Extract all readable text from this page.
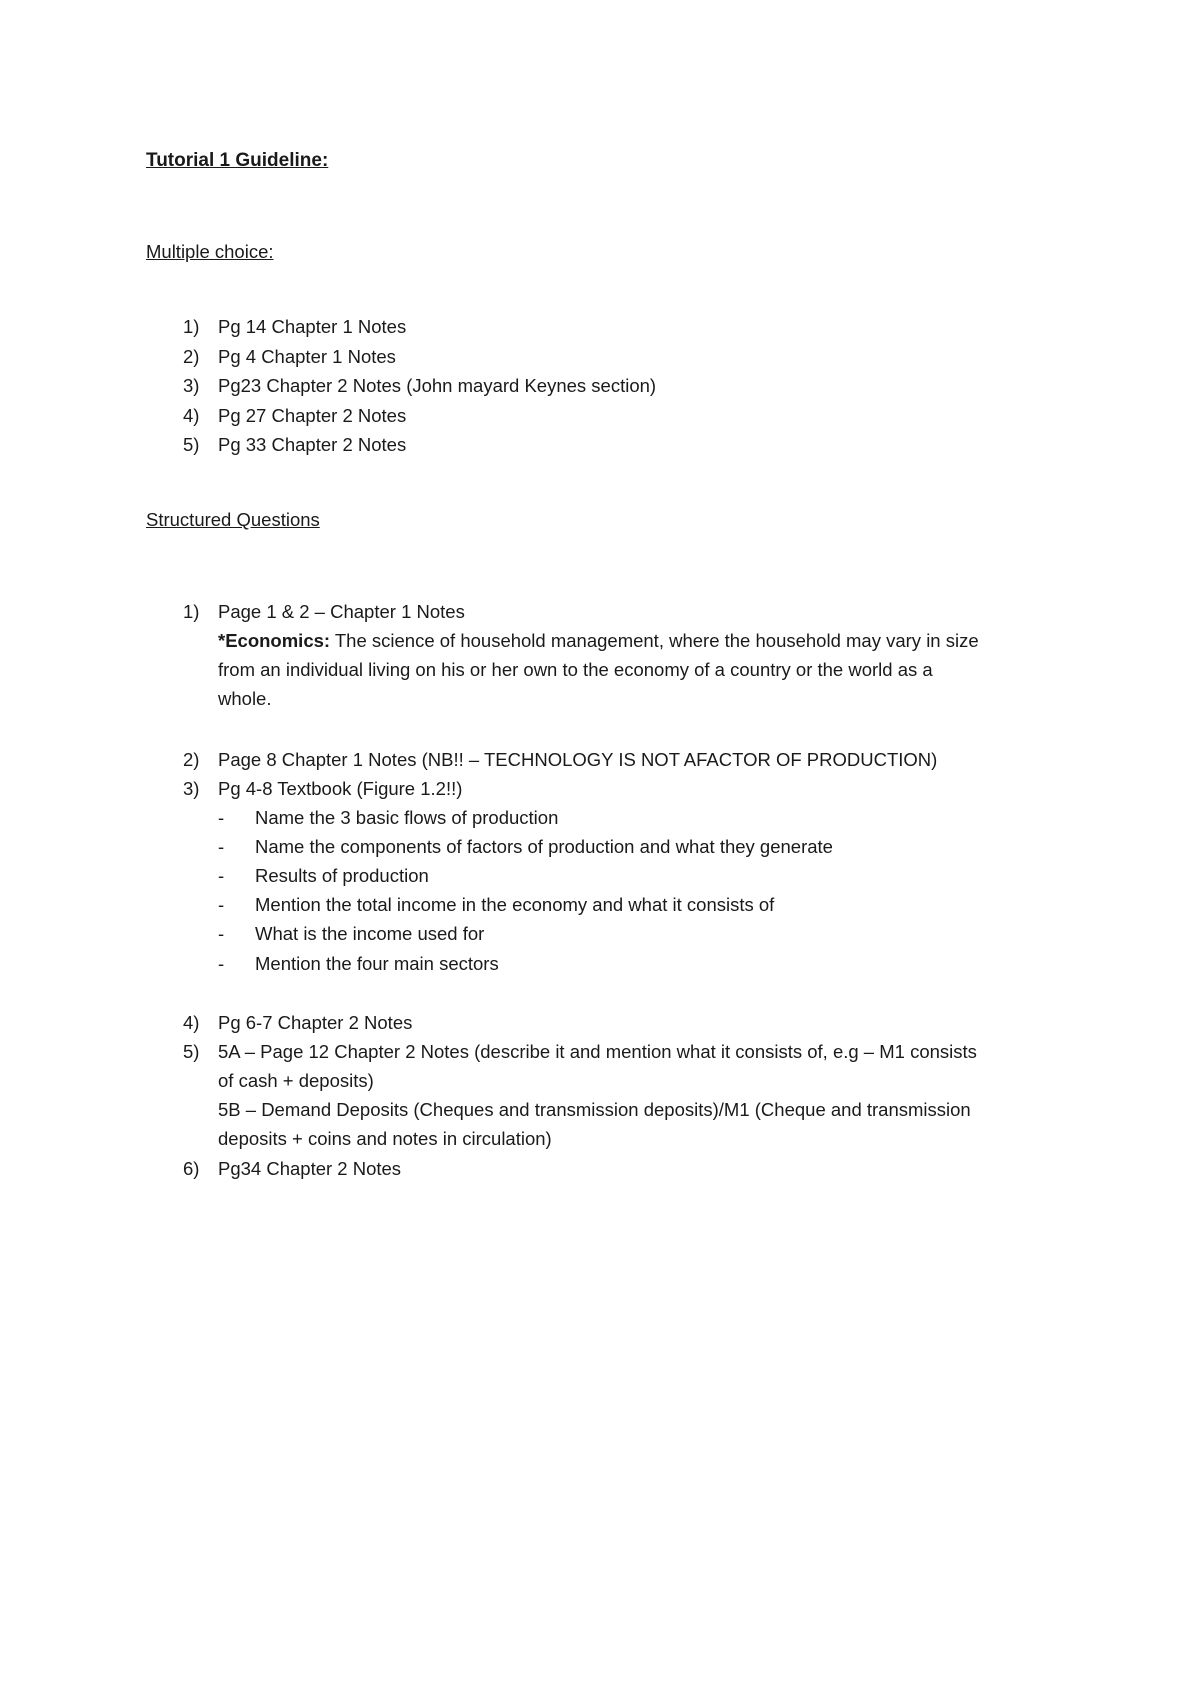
Tutorial 1 Guideline:
Multiple choice:
1) Pg 14 Chapter 1 Notes
2) Pg 4 Chapter 1 Notes
3) Pg23 Chapter 2 Notes (John mayard Keynes section)
4) Pg 27 Chapter 2 Notes
5) Pg 33 Chapter 2 Notes
Structured Questions
1) Page 1 & 2 – Chapter 1 Notes
*Economics: The science of household management, where the household may vary in size
from an individual living on his or her own to the economy of a country or the world as a
whole.
2) Page 8 Chapter 1 Notes (NB!! – TECHNOLOGY IS NOT AFACTOR OF PRODUCTION)
3) Pg 4-8 Textbook (Figure 1.2!!)
- Name the 3 basic flows of production
- Name the components of factors of production and what they generate
- Results of production
- Mention the total income in the economy and what it consists of
- What is the income used for
- Mention the four main sectors
4) Pg 6-7 Chapter 2 Notes
5) 5A – Page 12 Chapter 2 Notes (describe it and mention what it consists of, e.g – M1 consists
of cash + deposits)
5B – Demand Deposits (Cheques and transmission deposits)/M1 (Cheque and transmission
deposits + coins and notes in circulation)
6) Pg34 Chapter 2 Notes
